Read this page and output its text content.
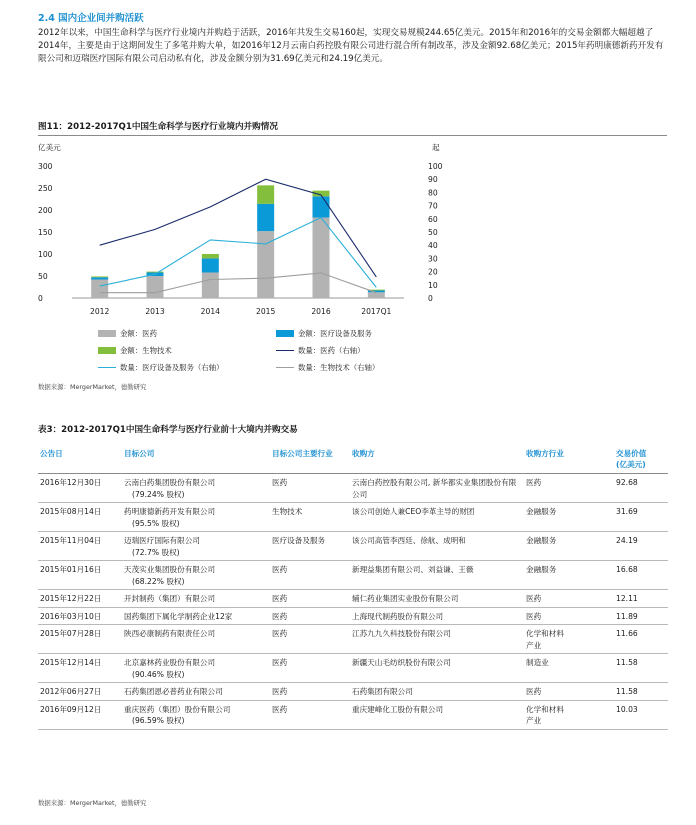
2.4 国内企业间并购活跃
2012年以来，中国生命科学与医疗行业境内并购趋于活跃，2016年共发生交易160起，实现交易规模244.65亿美元。2015年和2016年的交易金额都大幅超越了2014年，主要是由于这期间发生了多笔并购大单，如2016年12月云南白药控股有限公司进行混合所有制改革，涉及金额92.68亿美元；2015年药明康德新药开发有限公司和迈瑞医疗国际有限公司启动私有化，涉及金额分别为31.69亿美元和24.19亿美元。
图11：2012-2017Q1中国生命科学与医疗行业境内并购情况
亿美元	起
300
250
200
150
100
50
0
100
90
80
70
60
50
40
30
20
10
0
2012	2013	2014	2015	2016	2017Q1
金额：医药	金额：医疗设备及服务
金额：生物技术	数量：医药（右轴）
数量：医疗设备及服务（右轴）	数量：生物技术（右轴）
数据来源：MergerMarket，德勤研究
表3：2012-2017Q1中国生命科学与医疗行业前十大境内并购交易
公告日	目标公司	目标公司主要行业	收购方	收购方行业	交易价值
(亿美元)

2016年12月30日	云南白药集团股份有限公司
(79.24% 股权)	医药	云南白药控股有限公司, 新华都实业集团股份有限公司	医药	92.68

2015年08月14日	药明康德新药开发有限公司
(95.5% 股权)	生物技术	该公司创始人兼CEO李革主导的财团	金融服务	31.69

2015年11月04日	迈瑞医疗国际有限公司
(72.7% 股权)	医疗设备及服务	该公司高管李西廷、徐航、成明和	金融服务	24.19

2015年01月16日	天茂实业集团股份有限公司
(68.22% 股权)	医药	新理益集团有限公司、刘益谦、王薇	金融服务	16.68

2015年12月22日	开封制药（集团）有限公司	医药	辅仁药业集团实业股份有限公司	医药	12.11

2016年03月10日	国药集团下属化学制药企业12家	医药	上海现代制药股份有限公司	医药	11.89

2015年07月28日	陕西必康制药有限责任公司	医药	江苏九九久科技股份有限公司	化学和材料
产业	11.66

2015年12月14日	北京嘉林药业股份有限公司
(90.46% 股权)	医药	新疆天山毛纺织股份有限公司	制造业	11.58

2012年06月27日	石药集团恩必普药业有限公司	医药	石药集团有限公司	医药	11.58

2016年09月12日	重庆医药（集团）股份有限公司
(96.59% 股权)	医药	重庆建峰化工股份有限公司	化学和材料
产业	10.03
数据来源：MergerMarket，德勤研究
